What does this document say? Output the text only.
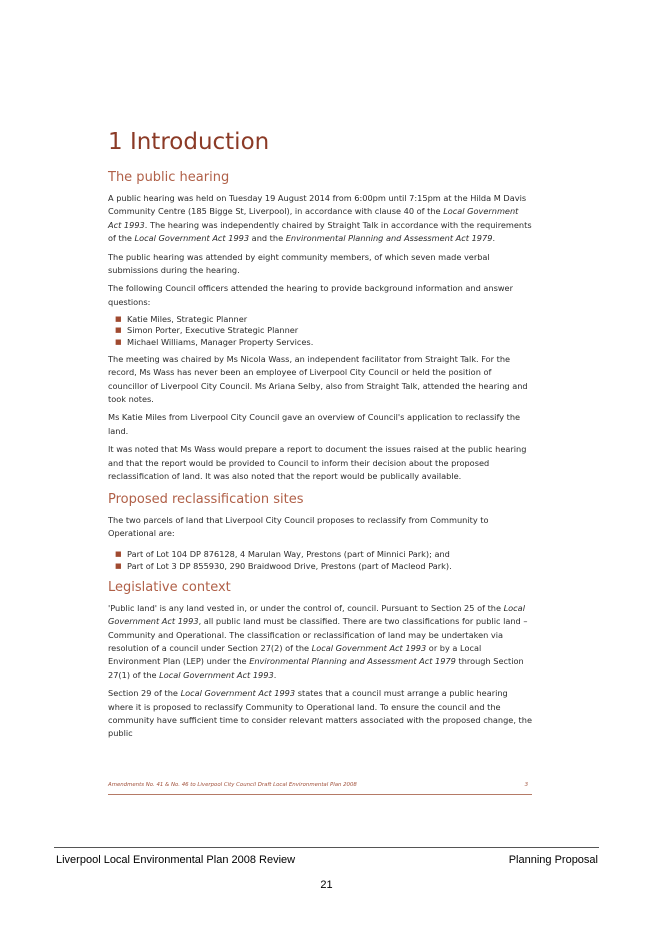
1 Introduction
The public hearing

A public hearing was held on Tuesday 19 August 2014 from 6:00pm until 7:15pm at the Hilda M Davis Community Centre (185 Bigge St, Liverpool), in accordance with clause 40 of the Local Government Act 1993. The hearing was independently chaired by Straight Talk in accordance with the requirements of the Local Government Act 1993 and the Environmental Planning and Assessment Act 1979.

The public hearing was attended by eight community members, of which seven made verbal submissions during the hearing.

The following Council officers attended the hearing to provide background information and answer questions:

■ Katie Miles, Strategic Planner
■ Simon Porter, Executive Strategic Planner
■ Michael Williams, Manager Property Services.

The meeting was chaired by Ms Nicola Wass, an independent facilitator from Straight Talk. For the record, Ms Wass has never been an employee of Liverpool City Council or held the position of councillor of Liverpool City Council. Ms Ariana Selby, also from Straight Talk, attended the hearing and took notes.

Ms Katie Miles from Liverpool City Council gave an overview of Council's application to reclassify the land.

It was noted that Ms Wass would prepare a report to document the issues raised at the public hearing and that the report would be provided to Council to inform their decision about the proposed reclassification of land. It was also noted that the report would be publically available.

Proposed reclassification sites

The two parcels of land that Liverpool City Council proposes to reclassify from Community to Operational are:

■ Part of Lot 104 DP 876128, 4 Marulan Way, Prestons (part of Minnici Park); and
■ Part of Lot 3 DP 855930, 290 Braidwood Drive, Prestons (part of Macleod Park).
Legislative context

'Public land' is any land vested in, or under the control of, council. Pursuant to Section 25 of the Local Government Act 1993, all public land must be classified. There are two classifications for public land – Community and Operational. The classification or reclassification of land may be undertaken via resolution of a council under Section 27(2) of the Local Government Act 1993 or by a Local Environment Plan (LEP) under the Environmental Planning and Assessment Act 1979 through Section 27(1) of the Local Government Act 1993.

Section 29 of the Local Government Act 1993 states that a council must arrange a public hearing where it is proposed to reclassify Community to Operational land. To ensure the council and the community have sufficient time to consider relevant matters associated with the proposed change, the public

Amendments No. 41 & No. 46 to Liverpool City Council Draft Local Environmental Plan 2008	3
Liverpool Local Environmental Plan 2008 Review	Planning Proposal
21
